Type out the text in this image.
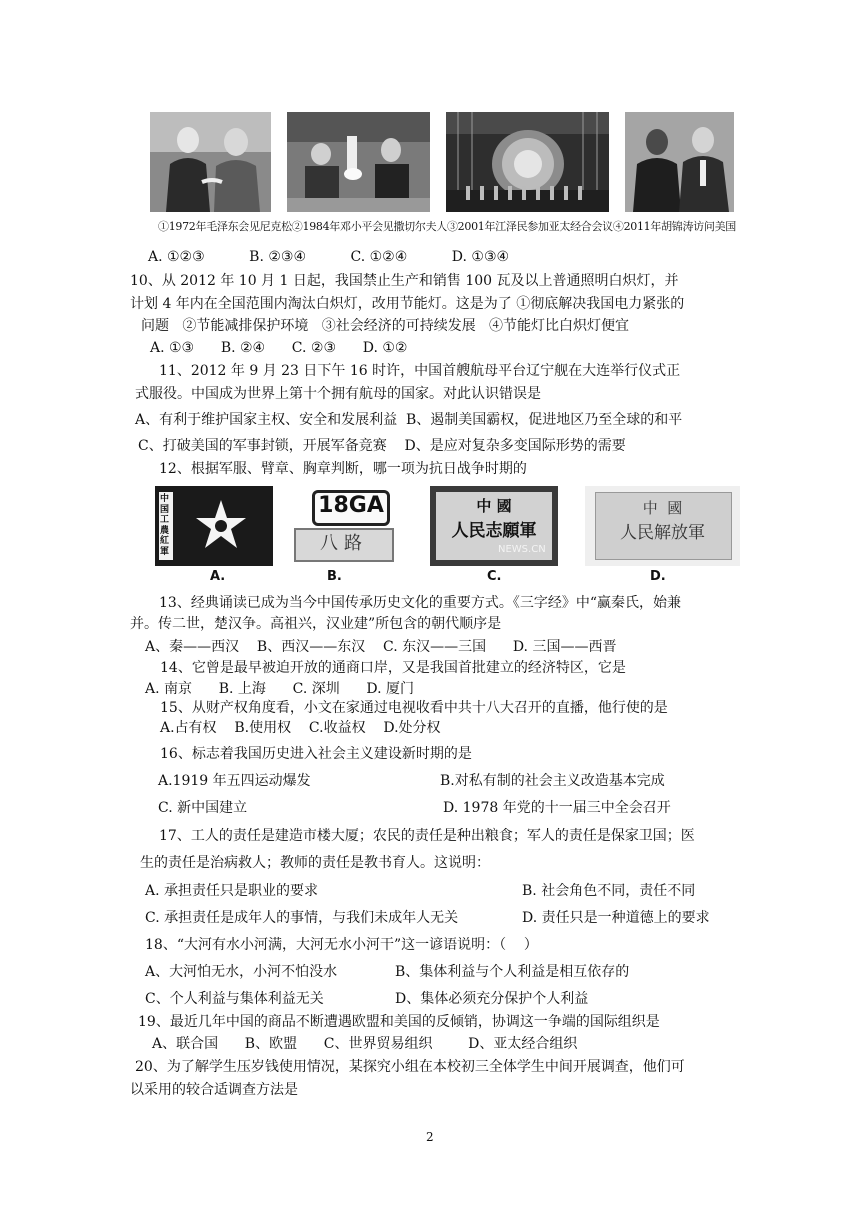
①1972年毛泽东会见尼克松②1984年邓小平会见撒切尔夫人③2001年江泽民参加亚太经合会议④2011年胡锦涛访问美国
A. ①②③          B. ②③④          C. ①②④          D. ①③④
10、从 2012 年 10 月 1 日起，我国禁止生产和销售 100 瓦及以上普通照明白炽灯，并
计划 4 年内在全国范围内淘汰白炽灯，改用节能灯。这是为了 ①彻底解决我国电力紧张的
问题   ②节能减排保护环境   ③社会经济的可持续发展   ④节能灯比白炽灯便宜
A. ①③      B. ②④      C. ②③      D. ①②
11、2012 年 9 月 23 日下午 16 时许，中国首艘航母平台辽宁舰在大连举行仪式正
式服役。中国成为世界上第十个拥有航母的国家。对此认识错误是
A、有利于维护国家主权、安全和发展利益  B、遏制美国霸权，促进地区乃至全球的和平
C、打破美国的军事封锁，开展军备竞赛    D、是应对复杂多变国际形势的需要
12、根据军服、臂章、胸章判断，哪一项为抗日战争时期的
中国工農紅軍
18GA
八路
中 國
人民志願軍
NEWS.CN
中  國
人民解放軍
A.	B.	C.	D.
13、经典诵读已成为当今中国传承历史文化的重要方式。《三字经》中“赢秦氏，始兼
并。传二世，楚汉争。高祖兴，汉业建”所包含的朝代顺序是
A、秦——西汉    B、西汉——东汉    C. 东汉——三国      D. 三国——西晋
14、它曾是最早被迫开放的通商口岸，又是我国首批建立的经济特区，它是
A. 南京      B. 上海      C. 深圳      D. 厦门
15、从财产权角度看，小文在家通过电视收看中共十八大召开的直播，他行使的是
A.占有权    B.使用权    C.收益权    D.处分权
16、标志着我国历史进入社会主义建设新时期的是
A.1919 年五四运动爆发	B.对私有制的社会主义改造基本完成
C. 新中国建立	D. 1978 年党的十一届三中全会召开
17、工人的责任是建造市楼大厦；农民的责任是种出粮食；军人的责任是保家卫国；医
生的责任是治病救人；教师的责任是教书育人。这说明：
A. 承担责任只是职业的要求	B. 社会角色不同，责任不同
C. 承担责任是成年人的事情，与我们未成年人无关	D. 责任只是一种道德上的要求
18、“大河有水小河满，大河无水小河干”这一谚语说明：（    ）
A、大河怕无水，小河不怕没水	B、集体利益与个人利益是相互依存的
C、个人利益与集体利益无关	D、集体必须充分保护个人利益
19、最近几年中国的商品不断遭遇欧盟和美国的反倾销，协调这一争端的国际组织是
A、联合国      B、欧盟      C、世界贸易组织        D、亚太经合组织
20、为了解学生压岁钱使用情况，某探究小组在本校初三全体学生中间开展调查，他们可
以采用的较合适调查方法是
2
